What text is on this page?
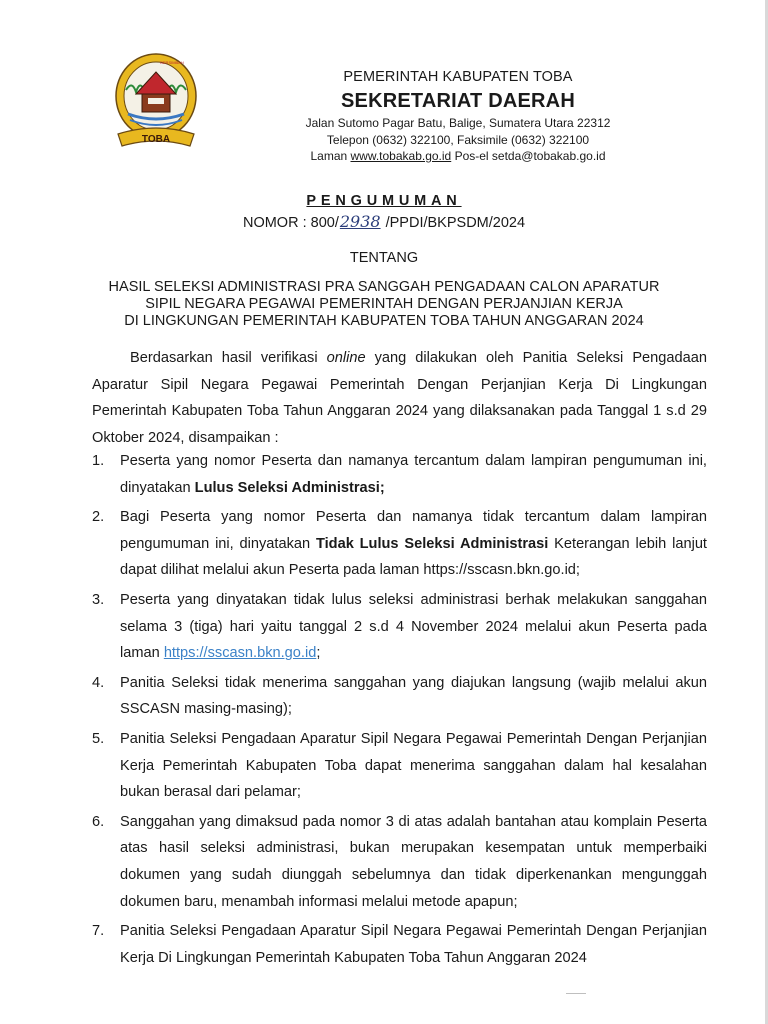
TOBA
BERSIMBAH
PEMERINTAH KABUPATEN TOBA
SEKRETARIAT DAERAH
Jalan Sutomo Pagar Batu, Balige, Sumatera Utara 22312
Telepon (0632) 322100, Faksimile (0632) 322100
Laman www.tobakab.go.id Pos-el setda@tobakab.go.id
PENGUMUMAN
NOMOR : 800/2938 /PPDI/BKPSDM/2024
TENTANG
HASIL SELEKSI ADMINISTRASI PRA SANGGAH PENGADAAN CALON APARATUR
SIPIL NEGARA PEGAWAI PEMERINTAH DENGAN PERJANJIAN KERJA
DI LINGKUNGAN PEMERINTAH KABUPATEN TOBA TAHUN ANGGARAN 2024
Berdasarkan hasil verifikasi online yang dilakukan oleh Panitia Seleksi Pengadaan Aparatur Sipil Negara Pegawai Pemerintah Dengan Perjanjian Kerja Di Lingkungan Pemerintah Kabupaten Toba Tahun Anggaran 2024 yang dilaksanakan pada Tanggal 1 s.d 29 Oktober 2024, disampaikan :
1. Peserta yang nomor Peserta dan namanya tercantum dalam lampiran pengumuman ini, dinyatakan Lulus Seleksi Administrasi;
2. Bagi Peserta yang nomor Peserta dan namanya tidak tercantum dalam lampiran pengumuman ini, dinyatakan Tidak Lulus Seleksi Administrasi Keterangan lebih lanjut dapat dilihat melalui akun Peserta pada laman https://sscasn.bkn.go.id;
3. Peserta yang dinyatakan tidak lulus seleksi administrasi berhak melakukan sanggahan selama 3 (tiga) hari yaitu tanggal 2 s.d 4 November 2024 melalui akun Peserta pada laman https://sscasn.bkn.go.id;
4. Panitia Seleksi tidak menerima sanggahan yang diajukan langsung (wajib melalui akun SSCASN masing-masing);
5. Panitia Seleksi Pengadaan Aparatur Sipil Negara Pegawai Pemerintah Dengan Perjanjian Kerja Pemerintah Kabupaten Toba dapat menerima sanggahan dalam hal kesalahan bukan berasal dari pelamar;
6. Sanggahan yang dimaksud pada nomor 3 di atas adalah bantahan atau komplain Peserta atas hasil seleksi administrasi, bukan merupakan kesempatan untuk memperbaiki dokumen yang sudah diunggah sebelumnya dan tidak diperkenankan mengunggah dokumen baru, menambah informasi melalui metode apapun;
7. Panitia Seleksi Pengadaan Aparatur Sipil Negara Pegawai Pemerintah Dengan Perjanjian Kerja Di Lingkungan Pemerintah Kabupaten Toba Tahun Anggaran 2024
